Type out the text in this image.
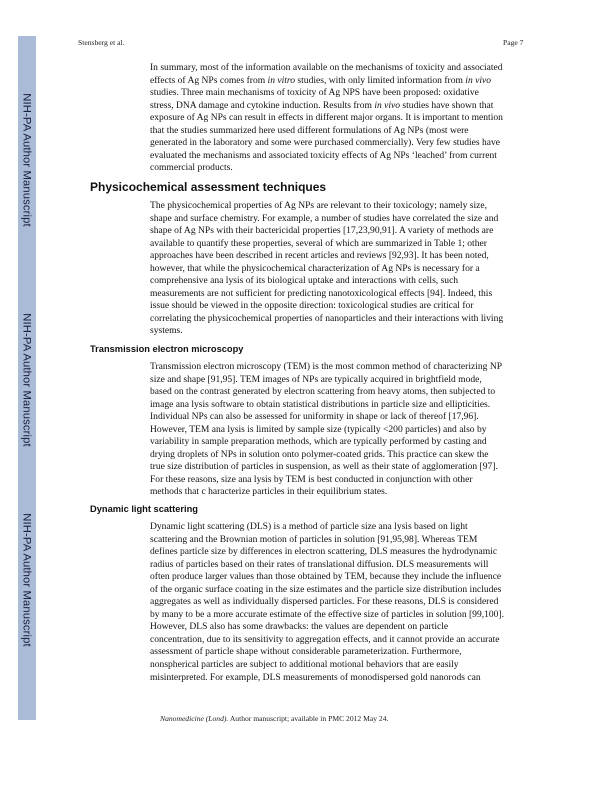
NIH-PA Author Manuscript
NIH-PA Author Manuscript
NIH-PA Author Manuscript
Stensberg et al.	Page 7
In summary, most of the information available on the mechanisms of toxicity and associated
effects of Ag NPs comes from in vitro studies, with only limited information from in vivo
studies. Three main mechanisms of toxicity of Ag NPS have been proposed: oxidative
stress, DNA damage and cytokine induction. Results from in vivo studies have shown that
exposure of Ag NPs can result in effects in different major organs. It is important to mention
that the studies summarized here used different formulations of Ag NPs (most were
generated in the laboratory and some were purchased commercially). Very few studies have
evaluated the mechanisms and associated toxicity effects of Ag NPs ‘leached’ from current
commercial products.
Physicochemical assessment techniques
The physicochemical properties of Ag NPs are relevant to their toxicology; namely size,
shape and surface chemistry. For example, a number of studies have correlated the size and
shape of Ag NPs with their bactericidal properties [17,23,90,91]. A variety of methods are
available to quantify these properties, several of which are summarized in Table 1; other
approaches have been described in recent articles and reviews [92,93]. It has been noted,
however, that while the physicochemical characterization of Ag NPs is necessary for a
comprehensive ana lysis of its biological uptake and interactions with cells, such
measurements are not sufficient for predicting nanotoxicological effects [94]. Indeed, this
issue should be viewed in the opposite direction: toxicological studies are critical for
correlating the physicochemical properties of nanoparticles and their interactions with living
systems.
Transmission electron microscopy
Transmission electron microscopy (TEM) is the most common method of characterizing NP
size and shape [91,95]. TEM images of NPs are typically acquired in brightfield mode,
based on the contrast generated by electron scattering from heavy atoms, then subjected to
image ana lysis software to obtain statistical distributions in particle size and ellipticities.
Individual NPs can also be assessed for uniformity in shape or lack of thereof [17,96].
However, TEM ana lysis is limited by sample size (typically <200 particles) and also by
variability in sample preparation methods, which are typically performed by casting and
drying droplets of NPs in solution onto polymer-coated grids. This practice can skew the
true size distribution of particles in suspension, as well as their state of agglomeration [97].
For these reasons, size ana lysis by TEM is best conducted in conjunction with other
methods that c haracterize particles in their equilibrium states.
Dynamic light scattering
Dynamic light scattering (DLS) is a method of particle size ana lysis based on light
scattering and the Brownian motion of particles in solution [91,95,98]. Whereas TEM
defines particle size by differences in electron scattering, DLS measures the hydrodynamic
radius of particles based on their rates of translational diffusion. DLS measurements will
often produce larger values than those obtained by TEM, because they include the influence
of the organic surface coating in the size estimates and the particle size distribution includes
aggregates as well as individually dispersed particles. For these reasons, DLS is considered
by many to be a more accurate estimate of the effective size of particles in solution [99,100].
However, DLS also has some drawbacks: the values are dependent on particle
concentration, due to its sensitivity to aggregation effects, and it cannot provide an accurate
assessment of particle shape without considerable parameterization. Furthermore,
nonspherical particles are subject to additional motional behaviors that are easily
misinterpreted. For example, DLS measurements of monodispersed gold nanorods can
Nanomedicine (Lond). Author manuscript; available in PMC 2012 May 24.
